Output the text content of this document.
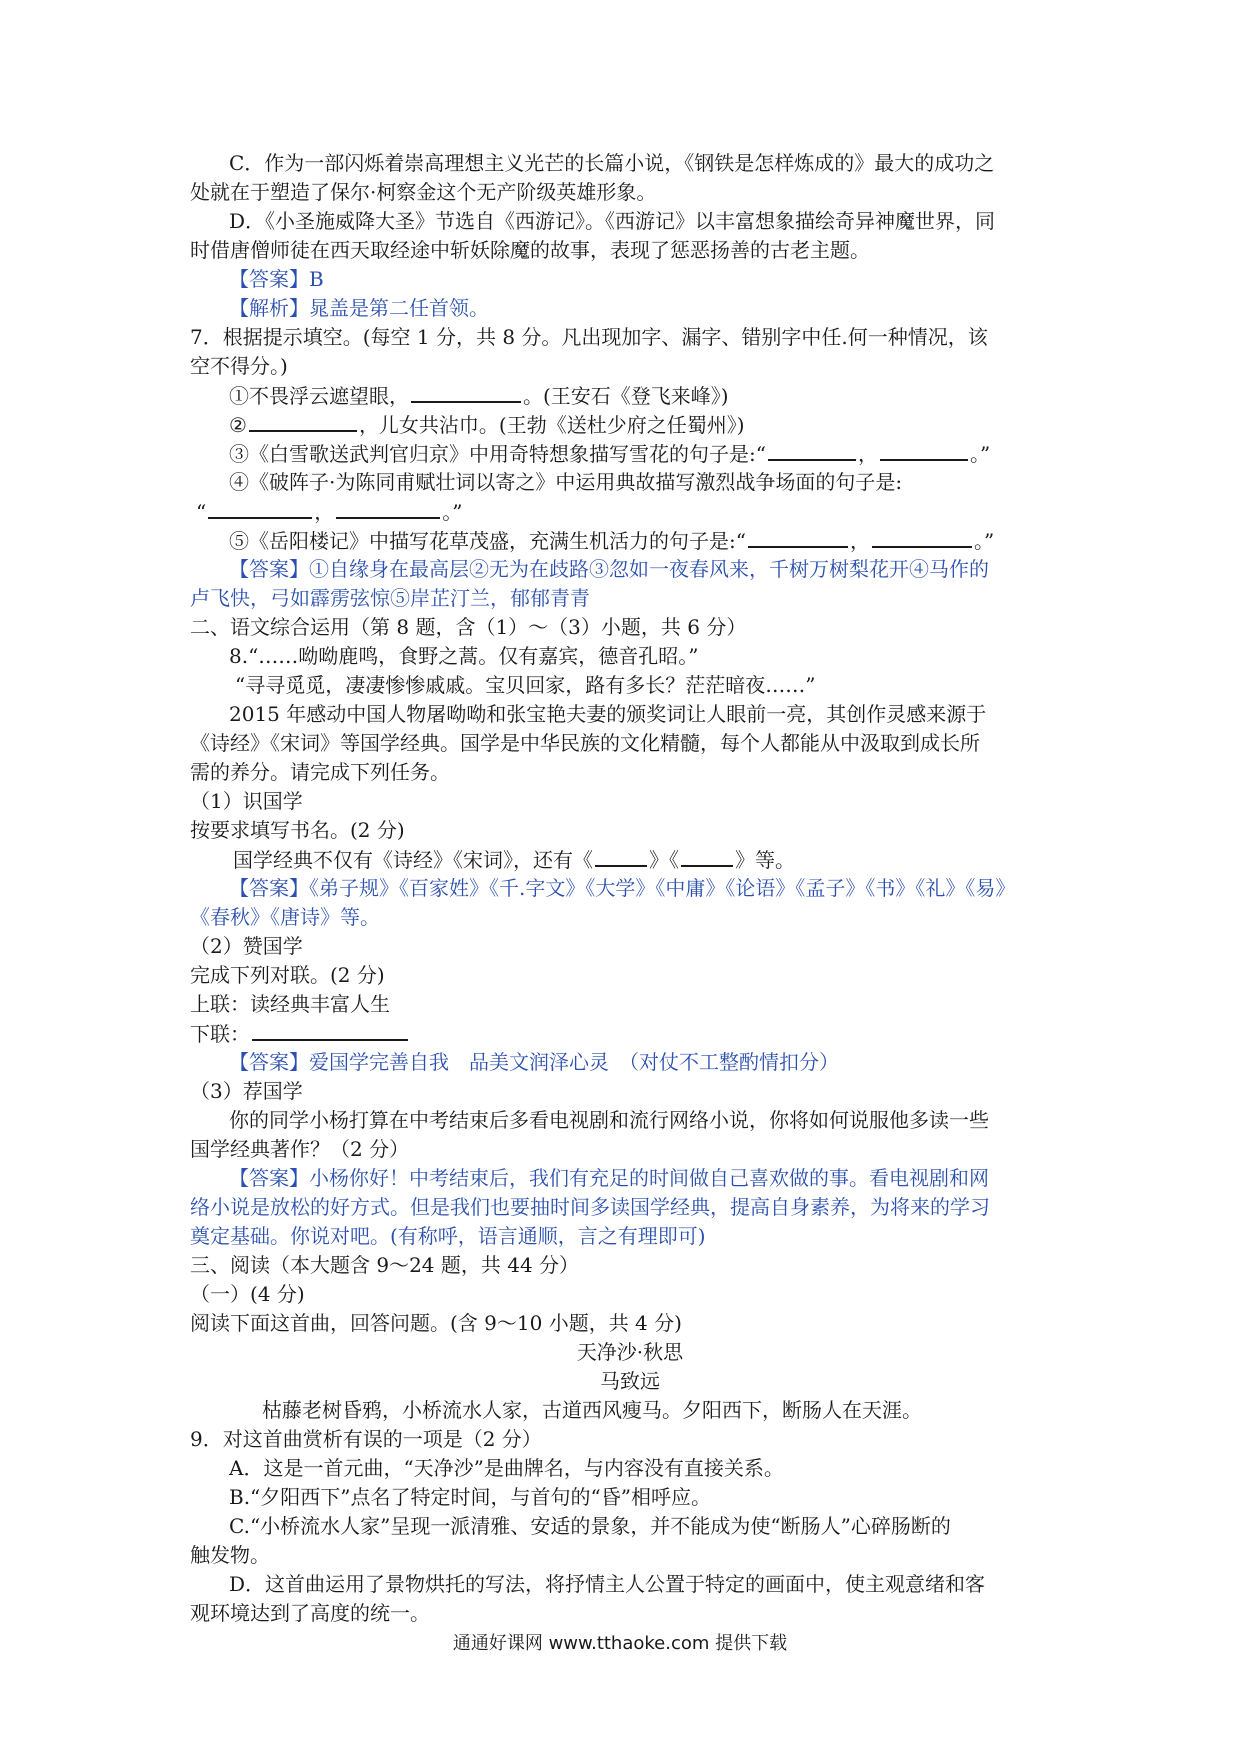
C．作为一部闪烁着崇高理想主义光芒的长篇小说，《钢铁是怎样炼成的》最大的成功之
处就在于塑造了保尔·柯察金这个无产阶级英雄形象。
D．《小圣施威降大圣》节选自《西游记》。《西游记》以丰富想象描绘奇异神魔世界，同
时借唐僧师徒在西天取经途中斩妖除魔的故事，表现了惩恶扬善的古老主题。
【答案】B
【解析】晁盖是第二任首领。
7．根据提示填空。(每空 1 分，共 8 分。凡出现加字、漏字、错别字中任.何一种情况，该
空不得分。)
①不畏浮云遮望眼，	。(王安石《登飞来峰》)
②	，儿女共沾巾。(王勃《送杜少府之任蜀州》)
③《白雪歌送武判官归京》中用奇特想象描写雪花的句子是:“	，	。”
④《破阵子·为陈同甫赋壮词以寄之》中运用典故描写激烈战争场面的句子是:
“	，	。”
⑤《岳阳楼记》中描写花草茂盛，充满生机活力的句子是:“	，	。”
【答案】①自缘身在最高层②无为在歧路③忽如一夜春风来，千树万树梨花开④马作的
卢飞快，弓如霹雳弦惊⑤岸芷汀兰，郁郁青青
二、语文综合运用（第 8 题，含（1）～（3）小题，共 6 分）
8.“……呦呦鹿鸣，食野之蒿。仅有嘉宾，德音孔昭。”
“寻寻觅觅，凄凄惨惨戚戚。宝贝回家，路有多长？茫茫暗夜……”
2015 年感动中国人物屠呦呦和张宝艳夫妻的颁奖词让人眼前一亮，其创作灵感来源于
《诗经》《宋词》等国学经典。国学是中华民族的文化精髓，每个人都能从中汲取到成长所
需的养分。请完成下列任务。
（1）识国学
按要求填写书名。(2 分)
国学经典不仅有《诗经》《宋词》，还有《	》《	》等。
【答案】《弟子规》《百家姓》《千.字文》《大学》《中庸》《论语》《孟子》《书》《礼》《易》
《春秋》《唐诗》等。
（2）赞国学
完成下列对联。(2 分)
上联：读经典丰富人生
下联：
【答案】爱国学完善自我　品美文润泽心灵　（对仗不工整酌情扣分）
（3）荐国学
你的同学小杨打算在中考结束后多看电视剧和流行网络小说，你将如何说服他多读一些
国学经典著作？（2 分）
【答案】小杨你好！中考结束后，我们有充足的时间做自己喜欢做的事。看电视剧和网
络小说是放松的好方式。但是我们也要抽时间多读国学经典，提高自身素养，为将来的学习
奠定基础。你说对吧。(有称呼，语言通顺，言之有理即可)
三、阅读（本大题含 9～24 题，共 44 分）
（一）(4 分)
阅读下面这首曲，回答问题。(含 9～10 小题，共 4 分)
天净沙·秋思
马致远
枯藤老树昏鸦，小桥流水人家，古道西风瘦马。夕阳西下，断肠人在天涯。
9．对这首曲赏析有误的一项是（2 分）
A．这是一首元曲，“天净沙”是曲牌名，与内容没有直接关系。
B.“夕阳西下”点名了特定时间，与首句的“昏”相呼应。
C.“小桥流水人家”呈现一派清雅、安适的景象，并不能成为使“断肠人”心碎肠断的
触发物。
D．这首曲运用了景物烘托的写法，将抒情主人公置于特定的画面中，使主观意绪和客
观环境达到了高度的统一。
通通好课网 www.tthaoke.com 提供下载
